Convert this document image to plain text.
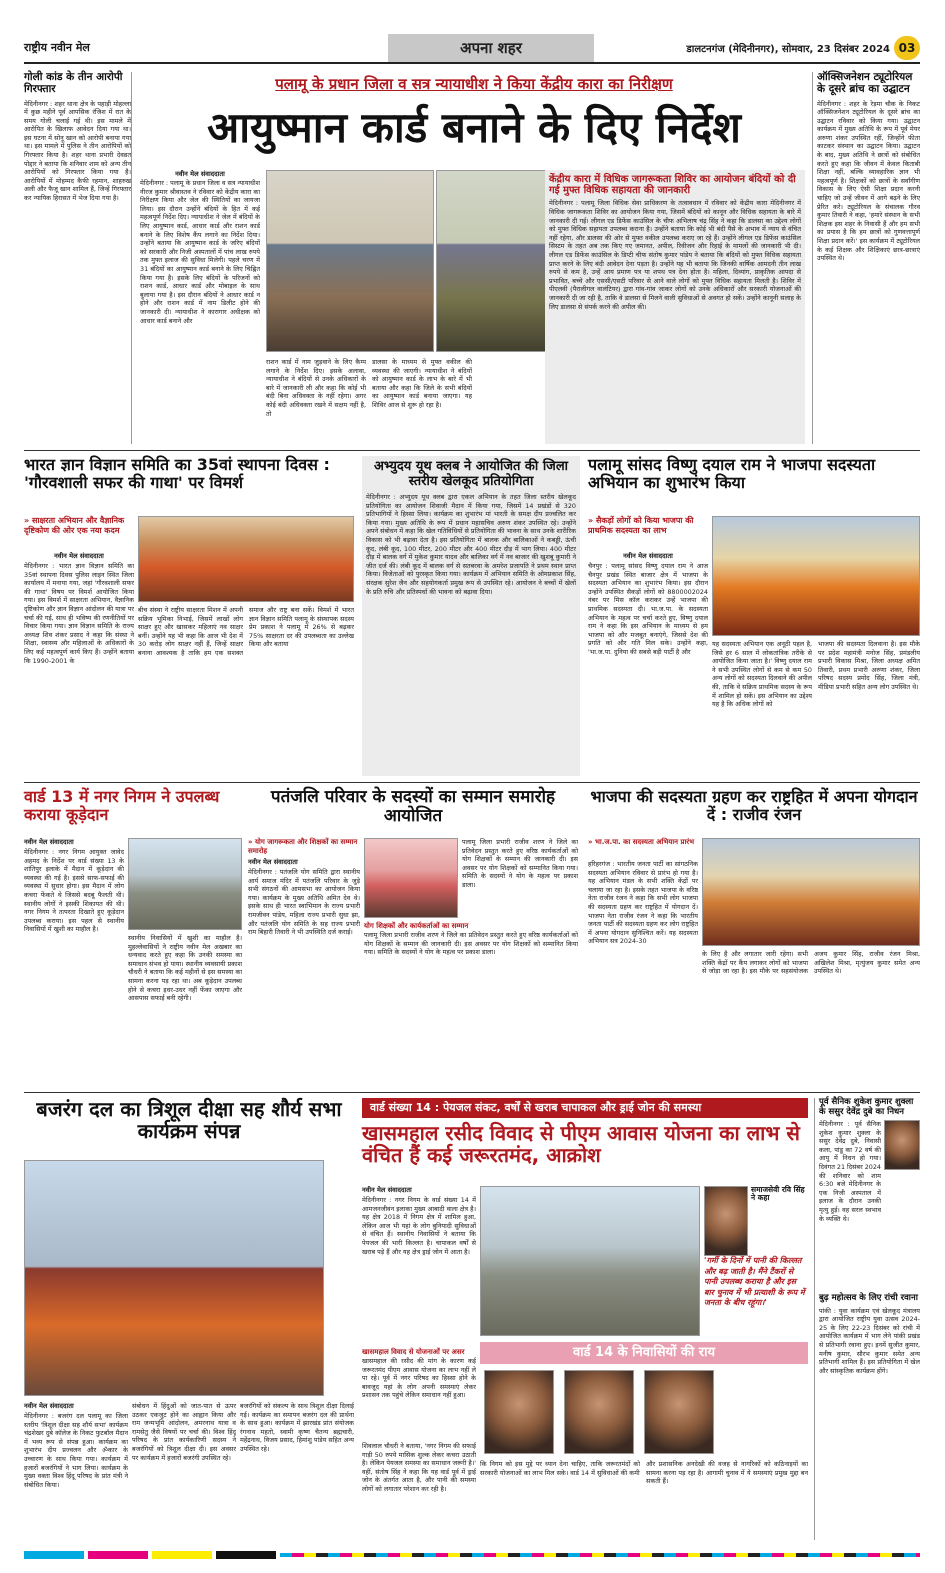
राष्ट्रीय नवीन मेल	अपना शहर	डालटनगंज (मेदिनीनगर), सोमवार, 23 दिसंबर 2024 03
गोली कांड के तीन आरोपी गिरफ्तार
मेदिनीनगर : शहर थाना क्षेत्र के पहाड़ी मोहल्ला में कुछ महीने पूर्व आपसिक रंजिश में रात के समय गोली चलाई गई थी। इस मामले में आरोपित के खिलाफ आवेदन दिया गया था। इस घटना में सोनू खान को आरोपी बनाया गया था। इस मामले में पुलिस ने तीन आरोपियों को गिरफ्तार किया है। शहर थाना प्रभारी देवव्रत पोद्दार ने बताया कि शनिवार शाम को अन्य तीन आरोपियों को गिरफ्तार किया गया है। आरोपियों में मोहम्मद कैफी रहमान, शाहरुख अली और फैजू खान शामिल हैं, जिन्हें गिरफ्तार कर न्यायिक हिरासत में भेज दिया गया है।
पलामू के प्रधान जिला व सत्र न्यायाधीश ने किया केंद्रीय कारा का निरीक्षण
आयुष्मान कार्ड बनाने के दिए निर्देश
नवीन मेल संवाददाता
मेदिनीनगर : पलामू के प्रधान जिला व सत्र न्यायाधीश नीरज कुमार श्रीवास्तव ने रविवार को केंद्रीय कारा का निरीक्षण किया और जेल की स्थितियों का जायजा लिया। इस दौरान उन्होंने बंदियों के हित में कई महत्वपूर्ण निर्देश दिए। न्यायाधीश ने जेल में बंदियों के लिए आयुष्मान कार्ड, आधार कार्ड और राशन कार्ड बनाने के लिए विशेष कैंप लगाने का निर्देश दिया। उन्होंने बताया कि आयुष्मान कार्ड के जरिए बंदियों को सरकारी और निजी अस्पतालों में पांच लाख रुपये तक मुफ्त इलाज की सुविधा मिलेगी। पहले चरण में 31 बंदियों का आयुष्मान कार्ड बनाने के लिए चिह्नित किया गया है। इसके लिए बंदियों के परिजनों को राशन कार्ड, आधार कार्ड और मोबाइल के साथ बुलाया गया है। इस दौरान बंदियों ने आधार कार्ड न होने और राशन कार्ड में नाम डिलीट होने की जानकारी दी। न्यायाधीश ने कारागार अधीक्षक को आधार कार्ड बनाने और
राशन कार्ड में नाम जुड़वाने के लिए कैम्प लगाने के निर्देश दिए। इसके अलावा, न्यायाधीश ने बंदियों से उनके अधिकारों के बारे में जानकारी ली और कहा कि कोई भी बंदी बिना अधिवक्ता के नहीं रहेगा। अगर कोई बंदी अधिवक्ता रखने में सक्षम नहीं है, तो
डालसा के माध्यम से मुफ्त वकील की व्यवस्था की जाएगी। न्यायाधीश ने बंदियों को आयुष्मान कार्ड के लाभ के बारे में भी बताया और कहा कि जिले के सभी बंदियों का आयुष्मान कार्ड बनाया जाएगा। यह शिविर आज से शुरू हो रहा है।
केंद्रीय कारा में विधिक जागरूकता शिविर का आयोजन बंदियों को दी गई मुफ्त विधिक सहायता की जानकारी
मेदिनीनगर : पलामू जिला विधिक सेवा प्राधिकरण के तत्वावधान में रविवार को केंद्रीय कारा मेदिनीनगर में विधिक जागरूकता शिविर का आयोजन किया गया, जिसमें बंदियों को कानून और विधिक सहायता के बारे में जानकारी दी गई। लीगल एड डिफेंस काउंसिल के चीफ अभिलाष चंद्र सिंह ने कहा कि डालसा का उद्देश्य लोगों को मुफ्त विधिक सहायता उपलब्ध कराना है। उन्होंने बताया कि कोई भी बंदी पैसे के अभाव में न्याय से वंचित नहीं रहेगा, और डालसा की ओर से मुफ्त वकील उपलब्ध कराए जा रहे हैं। उन्होंने लीगल एड डिफेंस काउंसिल सिस्टम के तहत अब तक किए गए जमानत, अपील, रिवीजन और रिहाई के मामलों की जानकारी भी दी। लीगल एड डिफेंस काउंसिल के डिप्टी चीफ संतोष कुमार पांडेय ने बताया कि बंदियों को मुफ्त विधिक सहायता प्राप्त करने के लिए बंदी आवेदन देना पड़ता है। उन्होंने यह भी बताया कि जिनकी वार्षिक आमदनी तीन लाख रुपये से कम है, उन्हें आय प्रमाण पत्र या शपथ पत्र देना होता है। महिला, दिव्यांग, प्राकृतिक आपदा से प्रभावित, बच्चे और एससी/एसटी परिवार से आने वाले लोगों को मुफ्त विधिक सहायता मिलती है। शिविर में पीएलवी (पैरालीगल वालंटियर) द्वारा गांव-गांव जाकर लोगों को उनके अधिकारों और सरकारी योजनाओं की जानकारी दी जा रही है, ताकि वे डालसा से मिलने वाली सुविधाओं से अवगत हो सकें। उन्होंने कानूनी सलाह के लिए डालसा से संपर्क करने की अपील की।
ऑक्सिजनेशन ट्यूटोरियल के दूसरे ब्रांच का उद्घाटन
मेदिनीनगर : शहर के रेड़मा चौक के निकट ऑक्सिजनेशन ट्यूटोरियल के दूसरे ब्रांच का उद्घाटन रविवार को किया गया। उद्घाटन कार्यक्रम में मुख्य अतिथि के रूप में पूर्व मेयर अरुणा शंकर उपस्थित रहीं, जिन्होंने फीता काटकर संस्थान का उद्घाटन किया। उद्घाटन के बाद, मुख्य अतिथि ने छात्रों को संबोधित करते हुए कहा कि जीवन में केवल किताबी शिक्षा नहीं, बल्कि व्यावहारिक ज्ञान भी महत्वपूर्ण है। शिक्षकों को छात्रों के सर्वांगीण विकास के लिए ऐसी शिक्षा प्रदान करनी चाहिए जो उन्हें जीवन में आगे बढ़ने के लिए प्रेरित करे। ट्यूटोरियल के संचालक गौरव कुमार तिवारी ने कहा, 'हमारे संस्थान के सभी शिक्षक इस शहर के निवासी हैं और हम सभी का प्रयास है कि हम छात्रों को गुणवत्तापूर्ण शिक्षा प्रदान करें।' इस कार्यक्रम में ट्यूटोरियल के कई शिक्षक और शिक्षिकाएं छात्र-छात्राएं उपस्थित थे।
भारत ज्ञान विज्ञान समिति का 35वां स्थापना दिवस : 'गौरवशाली सफर की गाथा' पर विमर्श
» साक्षरता अभियान और वैज्ञानिक दृष्टिकोण की ओर एक नया कदम
नवीन मेल संवाददाता
मेदिनीनगर : भारत ज्ञान विज्ञान समिति का 35वां स्थापना दिवस पुलिस लाइन स्थित जिला कार्यालय में मनाया गया, जहां 'गौरवशाली सफर की गाथा' विषय पर विमर्श आयोजित किया गया। इस विमर्श में साक्षरता अभियान, वैज्ञानिक दृष्टिकोण और ज्ञान विज्ञान आंदोलन की यात्रा पर चर्चा की गई, साथ ही भविष्य की रणनीतियों पर विचार किया गया। ज्ञान विज्ञान समिति के राज्य अध्यक्ष शिव शंकर प्रसाद ने कहा कि संस्था ने शिक्षा, स्वास्थ्य और महिलाओं के अधिकारों के लिए कई महत्वपूर्ण कार्य किए हैं। उन्होंने बताया कि 1990-2001 के
बीच संस्था ने राष्ट्रीय साक्षरता मिशन में अपनी सक्रिय भूमिका निभाई, जिसमें लाखों लोग साक्षर हुए और खासकर महिलाएं नव साक्षर बनीं। उन्होंने यह भी कहा कि आज भी देश में 30 करोड़ लोग साक्षर नहीं हैं, जिन्हें साक्षर बनाना आवश्यक है ताकि हम एक सशक्त समाज और राष्ट्र बना सकें। विमर्श में भारत ज्ञान विज्ञान समिति पलामू के संस्थापक सदस्य प्रेम प्रकाश ने पलामू में 26% से बढ़कर 75% साक्षरता दर की उपलब्धता का उल्लेख किया और बताया
अभ्युदय यूथ क्लब ने आयोजित की जिला स्तरीय खेलकूद प्रतियोगिता
मेदिनीनगर : अभ्युदय यूथ क्लब द्वारा एकल अभियान के तहत जिला स्तरीय खेलकूद प्रतियोगिता का आयोजन शिवाजी मैदान में किया गया, जिसमें 14 प्रखंडों से 320 प्रतिभागियों ने हिस्सा लिया। कार्यक्रम का शुभारंभ मां भारती के समक्ष दीप प्रज्वलित कर किया गया। मुख्य अतिथि के रूप में प्रधान महासचिव अरुण शंकर उपस्थित रहे। उन्होंने अपने संबोधन में कहा कि खेल गतिविधियों से प्रतियोगिता की भावना के साथ उनके शारीरिक विकास को भी बढ़ावा देता है। इस प्रतियोगिता में बालक और बालिकाओं ने कबड्डी, ऊंची कूद, लंबी कूद, 100 मीटर, 200 मीटर और 400 मीटर दौड़ में भाग लिया। 400 मीटर दौड़ में बालक वर्ग में मुकेश कुमार यादव और बालिका वर्ग में नव बाजार की खुशबू कुमारी ने जीत दर्ज की। लंबी कूद में बालक वर्ग से सतबरवा के अमरेश प्रजापति ने प्रथम स्थान प्राप्त किया। विजेताओं को पुरस्कृत किया गया। कार्यक्रम में अभियान समिति के ओमप्रकाश सिंह, संरक्षक सुरेश जैन और सहयोगकर्ता प्रमुख रूप से उपस्थित रहे। आयोजन ने बच्चों में खेलों के प्रति रुचि और प्रतिस्पर्धा की भावना को बढ़ावा दिया।
पलामू सांसद विष्णु दयाल राम ने भाजपा सदस्यता अभियान का शुभारंभ किया
» सैकड़ों लोगों को किया भाजपा की प्राथमिक सदस्यता का लाभ
नवीन मेल संवाददाता
चैनपुर : पलामू सांसद विष्णु दयाल राम ने आज चैनपुर प्रखंड स्थित बाजार क्षेत्र में भाजपा के सदस्यता अभियान का शुभारंभ किया। इस दौरान उन्होंने उपस्थित सैकड़ों लोगों को 8800002024 नंबर पर मिस कॉल कराकर उन्हें भाजपा की प्राथमिक सदस्यता दी। भा.ज.पा. के सदस्यता अभियान के महत्व पर चर्चा करते हुए, विष्णु दयाल राम ने कहा कि इस अभियान के माध्यम से हम भाजपा को और मजबूत बनाएंगे, जिससे देश की प्रगति को और गति मिल सके। उन्होंने कहा, 'भा.ज.पा. दुनिया की सबसे बड़ी पार्टी है और
यह सदस्यता अभियान एक अनूठी पहल है, जिसे हर 6 साल में लोकतांत्रिक तरीके से आयोजित किया जाता है।' विष्णु दयाल राम ने सभी उपस्थित लोगों से कम से कम 50 अन्य लोगों को सदस्यता दिलवाने की अपील की, ताकि वे सक्रिय प्राथमिक सदस्य के रूप में शामिल हो सकें। इस अभियान का उद्देश्य यह है कि अधिक लोगों को
भाजपा की सदस्यता दिलवाना है। इस मौके पर प्रदेश महामंत्री मनोज सिंह, प्रमंडलीय प्रभारी विकास मिश्रा, जिला अध्यक्ष अमित तिवारी, प्रथम प्रभारी अरुणा शंकर, जिला परिषद सदस्य प्रमोद सिंह, जिला मंत्री, मीडिया प्रभारी सहित अन्य लोग उपस्थित थे।
वार्ड 13 में नगर निगम ने उपलब्ध कराया कूड़ेदान
नवीन मेल संवाददाता
मेदिनीनगर : नगर निगम आयुक्त जावेद अहमद के निर्देश पर वार्ड संख्या 13 के शांतिपुर इलाके में मैदान में कूड़ेदान की व्यवस्था की गई है। इससे साफ-सफाई की व्यवस्था में सुधार होगा। इस मैदान में लोग कचरा फेंकते थे जिससे बदबू फैलती थी। स्थानीय लोगों ने इसकी शिकायत की थी। नगर निगम ने तत्परता दिखाते हुए कूड़ेदान उपलब्ध कराया। इस पहल से स्थानीय निवासियों में खुशी का माहौल है।
स्थानीय निवासियों में खुशी का माहौल है। मुहल्लेवासियों ने राष्ट्रीय नवीन मेल अखबार का धन्यवाद करते हुए कहा कि उनकी समस्या का समाधान संभव हो पाया। स्थानीय व्यवसायी प्रकाश चौधरी ने बताया कि कई महीनों से इस समस्या का सामना करना पड़ रहा था। अब कूड़ेदान उपलब्ध होने से कचरा इधर-उधर नहीं फेंका जाएगा और आसपास सफाई बनी रहेगी।
पतंजलि परिवार के सदस्यों का सम्मान समारोह आयोजित
» योग जागरूकता और शिक्षकों का सम्मान समारोह
नवीन मेल संवाददाता
मेदिनीनगर : पतंजलि योग समिति द्वारा स्थानीय आर्य समाज मंदिर में पतंजलि परिवार के जुड़े सभी संगठनों की आमसभा का आयोजन किया गया। कार्यक्रम के मुख्य अतिथि अमित देव थे। इसके साथ ही भारत स्वाभिमान के राज्य प्रभारी रामजीवन पांडेय, महिला राज्य प्रभारी सुधा झा, और पतंजलि योग समिति के सह राज्य प्रभारी राम बिहारी तिवारी ने भी उपस्थिति दर्ज कराई।
योग शिक्षकों और कार्यकर्ताओं का सम्मान
पलामू जिला प्रभारी राजीव शरण ने जिले का प्रतिवेदन प्रस्तुत करते हुए वरिष्ठ कार्यकर्ताओं को योग शिक्षकों के सम्मान की जानकारी दी। इस अवसर पर योग शिक्षकों को सम्मानित किया गया। समिति के सदस्यों ने योग के महत्व पर प्रकाश डाला।
पलामू जिला प्रभारी राजीव शरण ने जिले का प्रतिवेदन प्रस्तुत करते हुए वरिष्ठ कार्यकर्ताओं को योग शिक्षकों के सम्मान की जानकारी दी। इस अवसर पर योग शिक्षकों को सम्मानित किया गया। समिति के सदस्यों ने योग के महत्व पर प्रकाश डाला।
भाजपा की सदस्यता ग्रहण कर राष्ट्रहित में अपना योगदान दें : राजीव रंजन
» भा.ज.पा. का सदस्यता अभियान प्रारंभ
हरिहरगंज : भारतीय जनता पार्टी का सांगठनिक सदस्यता अभियान रविवार से प्रारंभ हो गया है। यह अभियान मंडल के सभी शक्ति केंद्रों पर चलाया जा रहा है। इसके तहत भाजपा के वरिष्ठ नेता राजीव रंजन ने कहा कि सभी लोग भाजपा की सदस्यता ग्रहण कर राष्ट्रहित में योगदान दें। भाजपा नेता राजीव रंजन ने कहा कि भारतीय जनता पार्टी की सदस्यता ग्रहण कर लोग राष्ट्रहित में अपना योगदान सुनिश्चित करें। यह सदस्यता अभियान सत्र 2024-30
के लिए है और लगातार जारी रहेगा। सभी शक्ति केंद्रों पर कैंप लगाकर लोगों को भाजपा से जोड़ा जा रहा है। इस मौके पर सहसंयोजक अजय कुमार सिंह, राजीव रंजन मिश्रा, अखिलेश मिश्रा, मृत्युंजय कुमार समेत अन्य उपस्थित थे।
बजरंग दल का त्रिशूल दीक्षा सह शौर्य सभा कार्यक्रम संपन्न
नवीन मेल संवाददाता
मेदिनीनगर : बजरंग दल पलामू का जिला स्तरीय 'त्रिशूल दीक्षा सह शौर्य सभा' कार्यक्रम चंद्रशेखर दुबे कॉलेज के निकट फुटबॉल मैदान में भव्य रूप से संपन्न हुआ। कार्यक्रम का शुभारंभ दीप प्रज्वलन और ॐकार के उच्चारण के साथ किया गया। कार्यक्रम में हजारों बजरंगियों ने भाग लिया। कार्यक्रम के मुख्य वक्ता विश्व हिंदू परिषद के प्रांत मंत्री ने संबोधित किया।
संबोधन में हिंदुओं को जात-पात से ऊपर उठकर एकजुट होने का आह्वान किया और राम जन्मभूमि आंदोलन, अमरनाथ यात्रा व रामसेतु जैसे विषयों पर चर्चा की। विश्व हिंदू परिषद के प्रांत कार्यकारिणी सदस्य ने बजरंगियों को त्रिशूल दीक्षा दी। इस अवसर पर कार्यक्रम में हजारों बजरंगी उपस्थित रहे।
बजरंगियों को संकल्प के साथ त्रिशूल दीक्षा दिलाई गई। कार्यक्रम का समापन बजरंग दल की प्रार्थना के साथ हुआ। कार्यक्रम में झारखंड प्रांत संयोजक रंगनाथ महतो, स्वामी कृष्ण चैतन्य ब्रह्मचारी, महेंद्रनाथ, विजय प्रसाद, हिमांशु पांडेय सहित अन्य उपस्थित रहे।
वार्ड संख्या 14 : पेयजल संकट, वर्षों से खराब चापाकल और ड्राई जोन की समस्या
खासमहाल रसीद विवाद से पीएम आवास योजना का लाभ से वंचित हैं कई जरूरतमंद, आक्रोश
नवीन मेल संवाददाता
मेदिनीनगर : नगर निगम के वार्ड संख्या 14 में आमजनजीवन इलाका मुख्य आबादी वाला क्षेत्र है। यह क्षेत्र 2018 में निगम क्षेत्र में शामिल हुआ, लेकिन आज भी यहां के लोग बुनियादी सुविधाओं से वंचित हैं। स्थानीय निवासियों ने बताया कि पेयजल की भारी किल्लत है। चापाकल वर्षों से खराब पड़े हैं और यह क्षेत्र ड्राई जोन में आता है।
खासमहाल विवाद से योजनाओं पर असर
खासमहाल की रसीद की मांग के कारण कई जरूरतमंद पीएम आवास योजना का लाभ नहीं ले पा रहे। पूर्व में नगर परिषद का हिस्सा होने के बावजूद यहां के लोग अपनी समस्याएं लेकर प्रशासन तक पहुंचे लेकिन समाधान नहीं हुआ।
समाजसेवी रवि सिंह ने कहा
'गर्मी के दिनों में पानी की किल्लत और बढ़ जाती है। मैंने टैंकरों से पानी उपलब्ध कराया है और इस बार चुनाव में भी प्रत्याशी के रूप में जनता के बीच रहूंगा।'
वार्ड 14 के निवासियों की राय
शिवलाल चौधरी ने बताया, 'नगर निगम की सफाई गाड़ी 50 रुपये मासिक शुल्क लेकर कचरा उठाती है। लेकिन पेयजल समस्या का समाधान जरूरी है।' वहीं, संतोष सिंह ने कहा कि यह वार्ड पूर्व में ड्राई जोन के अंतर्गत आता है, और पानी की समस्या लोगों को लगातार परेशान कर रही है।
कि निगम को इस मुद्दे पर ध्यान देना चाहिए, ताकि जरूरतमंदों को सरकारी योजनाओं का लाभ मिल सके। वार्ड 14 में सुविधाओं की कमी
और प्रशासनिक अनदेखी की वजह से नागरिकों को कठिनाइयों का सामना करना पड़ रहा है। आगामी चुनाव में ये समस्याएं प्रमुख मुद्दा बन सकती हैं।
पूर्व सैनिक शुकेश कुमार शुक्ला के ससुर देवेंद्र दुबे का निधन
मेदिनीनगर : पूर्व सैनिक शुकेश कुमार शुक्ला के ससुर देवेंद्र दुबे, निवासी कला, पांडू का 72 वर्ष की आयु में निधन हो गया। दिवंगत 21 दिसंबर 2024 की शनिवार को शाम 6:30 बजे मेदिनीनगर के एक निजी अस्पताल में इलाज के दौरान उनकी मृत्यु हुई। वह सरल स्वभाव के व्यक्ति थे।
बुढ़ महोत्सव के लिए रांची रवाना
पांकी : युवा कार्यक्रम एवं खेलकूद मंत्रालय द्वारा आयोजित राष्ट्रीय युवा उत्सव 2024-25 के लिए 22-23 दिसंबर को रांची में आयोजित कार्यक्रम में भाग लेने पांकी प्रखंड से प्रतिभागी रवाना हुए। इनमें सुजीत कुमार, मनीष कुमार, सौरभ कुमार समेत अन्य प्रतिभागी शामिल हैं। इस प्रतियोगिता में खेल और सांस्कृतिक कार्यक्रम होंगे।
